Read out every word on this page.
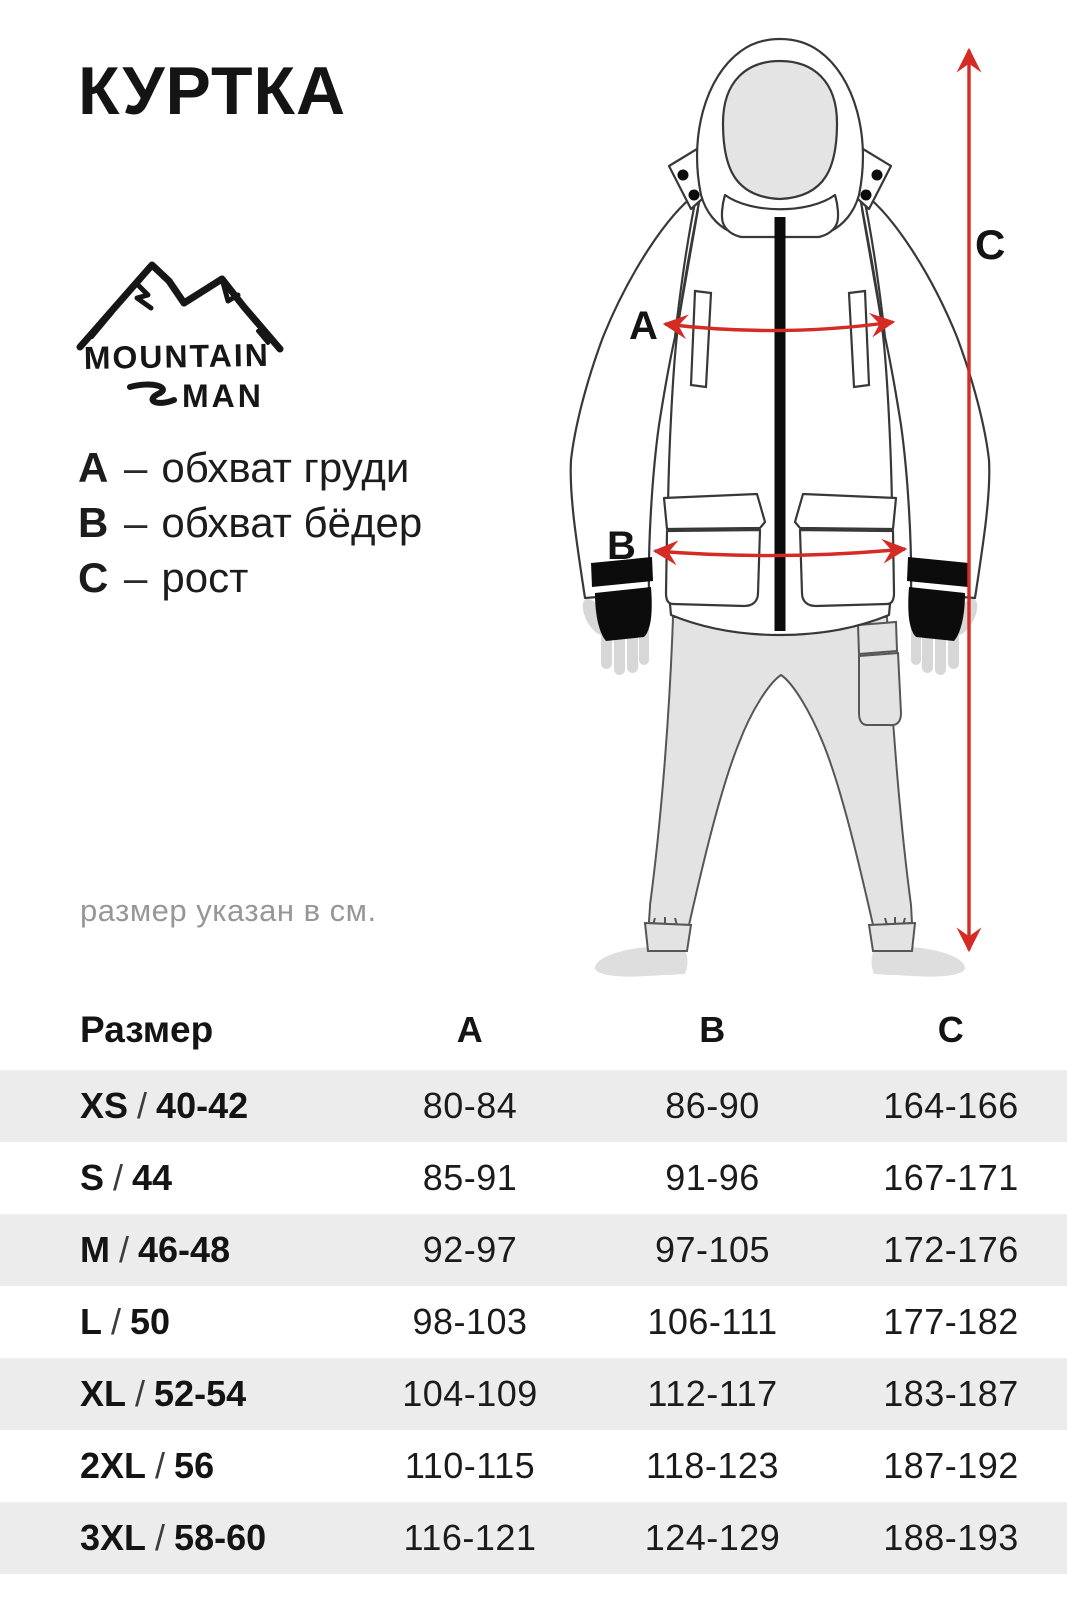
КУРТКА
MOUNTAIN
MAN
A – обхват груди
B – обхват бёдер
C – рост
размер указан в см.
A
B
C
Размер	A	B	C
XS / 40-42	80-84	86-90	164-166
S / 44	85-91	91-96	167-171
M / 46-48	92-97	97-105	172-176
L / 50	98-103	106-111	177-182
XL / 52-54	104-109	112-117	183-187
2XL / 56	110-115	118-123	187-192
3XL / 58-60	116-121	124-129	188-193
